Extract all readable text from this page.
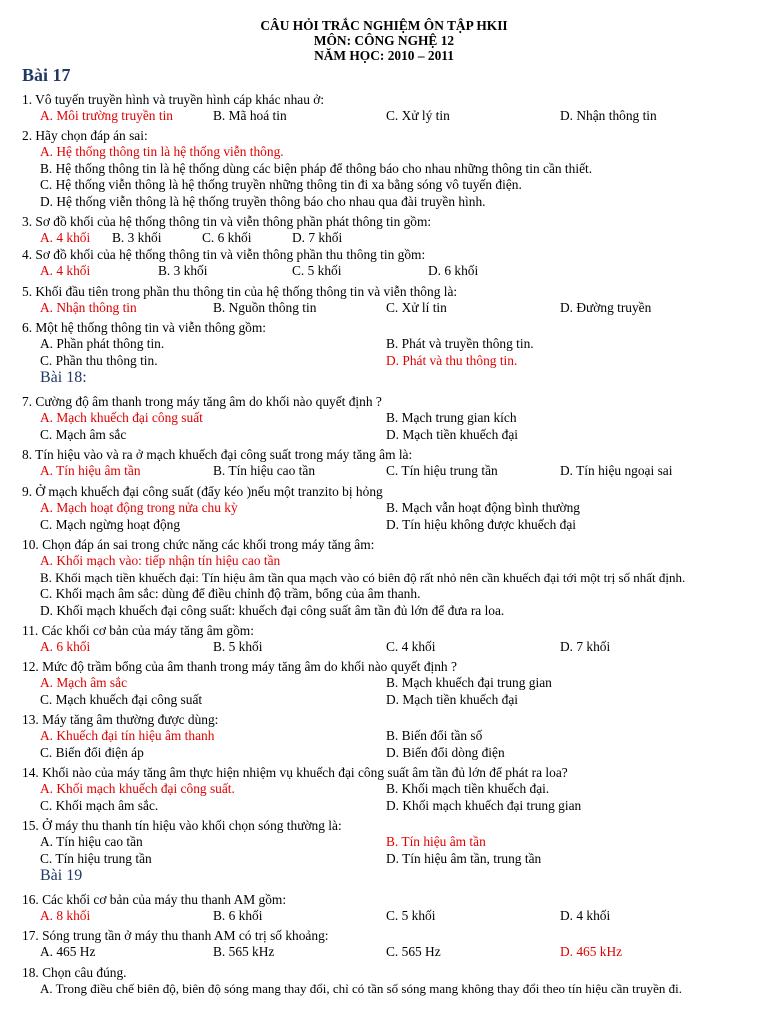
CÂU HỎI TRẮC NGHIỆM ÔN TẬP HKII
MÔN: CÔNG NGHỆ 12
NĂM HỌC: 2010 – 2011
Bài 17
1. Vô tuyến truyền hình và truyền hình cáp khác nhau ở:
A. Môi trường truyền tin	B. Mã hoá tin	C. Xử lý tin	D. Nhận thông tin
2. Hãy chọn đáp án sai:
A. Hệ thống thông tin là hệ thống viễn thông.
B. Hệ thống thông tin là hệ thống dùng các biện pháp để thông báo cho nhau những thông tin cần thiết.
C. Hệ thống viễn thông là hệ thống truyền những thông tin đi xa bằng sóng vô tuyến điện.
D. Hệ thống viễn thông là hệ thống truyền thông báo cho nhau qua đài truyền hình.
3. Sơ đồ khối của hệ thống thông tin và viễn thông phần phát thông tin gồm:
A. 4 khối B. 3 khối	C. 6 khối	D. 7 khối
4. Sơ đồ khối của hệ thống thông tin và viễn thông phần thu thông tin gồm:
A. 4 khối	B. 3 khối	C. 5 khối	D. 6 khối
5. Khối đầu tiên trong phần thu thông tin của hệ thống thông tin và viễn thông là:
A. Nhận thông tin	B. Nguồn thông tin	C. Xử lí tin	D. Đường truyền
6. Một hệ thống thông tin và viễn thông gồm:
A. Phần phát thông tin.	B. Phát và truyền thông tin.
C. Phần thu thông tin.	D. Phát và thu thông tin.
Bài 18:
7. Cường độ âm thanh trong máy tăng âm do khối nào quyết định ?
A. Mạch khuếch đại công suất	B. Mạch trung gian kích
C. Mạch âm sắc	D. Mạch tiền khuếch đại
8. Tín hiệu vào và ra ở mạch khuếch đại công suất trong máy tăng âm là:
A. Tín hiệu âm tần	B. Tín hiệu cao tần	C. Tín hiệu trung tần	D. Tín hiệu ngoại sai
9. Ở mạch khuếch đại công suất (đẩy kéo )nếu một tranzito bị hỏng
A. Mạch hoạt động trong nửa chu kỳ	B. Mạch vẫn hoạt động bình thường
C. Mạch ngừng hoạt động	D. Tín hiệu không được khuếch đại
10. Chọn đáp án sai trong chức năng các khối trong máy tăng âm:
A. Khối mạch vào: tiếp nhận tín hiệu cao tần
B. Khối mạch tiền khuếch đại: Tín hiệu âm tần qua mạch vào có biên độ rất nhỏ nên cần khuếch đại tới một trị số nhất định.
C. Khối mạch âm sắc: dùng để điều chỉnh độ trầm, bổng của âm thanh.
D. Khối mạch khuếch đại công suất: khuếch đại công suất âm tần đủ lớn để đưa ra loa.
11. Các khối cơ bản của máy tăng âm gồm:
A. 6 khối	B. 5 khối	C. 4 khối	D. 7 khối
12. Mức độ trầm bổng của âm thanh trong máy tăng âm do khối nào quyết định ?
A. Mạch âm sắc	B. Mạch khuếch đại trung gian
C. Mạch khuếch đại công suất	D. Mạch tiền khuếch đại
13. Máy tăng âm thường được dùng:
A. Khuếch đại tín hiệu âm thanh	B. Biến đổi tần số
C. Biến đổi điện áp	D. Biến đổi dòng điện
14. Khối nào của máy tăng âm thực hiện nhiệm vụ khuếch đại công suất âm tần đủ lớn để phát ra loa?
A. Khối mạch khuếch đại công suất.	B. Khối mạch tiền khuếch đại.
C. Khối mạch âm sắc.	D. Khối mạch khuếch đại trung gian
15. Ở máy thu thanh tín hiệu vào khối chọn sóng thường là:
A. Tín hiệu cao tần	B. Tín hiệu âm tần
C. Tín hiệu trung tần	D. Tín hiệu âm tần, trung tần
Bài 19
16. Các khối cơ bản của máy thu thanh AM gồm:
A. 8 khối	B. 6 khối	C. 5 khối	D. 4 khối
17. Sóng trung tần ở máy thu thanh AM có trị số khoảng:
A. 465 Hz	B. 565 kHz	C. 565 Hz	D. 465 kHz
18. Chọn câu đúng.
A. Trong điều chế biên độ, biên độ sóng mang thay đổi, chỉ có tần số sóng mang không thay đổi theo tín hiệu cần truyền đi.
